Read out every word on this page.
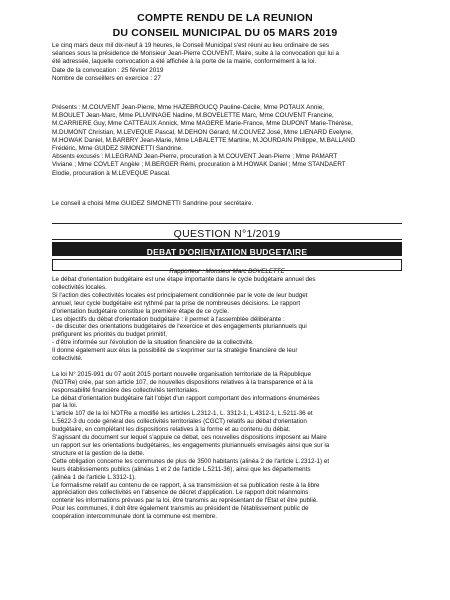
COMPTE RENDU DE LA REUNION
DU CONSEIL MUNICIPAL DU 05 MARS 2019

Le cinq mars deux mil dix-neuf à 19 heures, le Conseil Municipal s'est réuni au lieu ordinaire de ses

séances sous la présidence de Monsieur Jean-Pierre COUVENT, Maire, suite à la convocation qui lui a

été adressée, laquelle convocation a été affichée à la porte de la mairie, conformément à la loi.

Date de la convocation : 25 février 2019

Nombre de conseillers en exercice : 27

Présents : M.COUVENT Jean-Pierre, Mme HAZEBROUCQ Pauline-Cécile, Mme POTAUX Annie,

M.BOULET Jean-Marc, Mme PLUVINAGE Nadine, M.BOVELETTE Marc, Mme COUVENT Francine,

M.CARRIERE Guy, Mme CATTEAUX Annick, Mme MAGERE Marie-France, Mme DUPONT Marie-Thérèse,

M.DUMONT Christian, M.LEVEQUE Pascal, M.DEHON Gérard, M.COUVEZ José, Mme LIENARD Evelyne,

M.HOWAK Daniel, M.BARBRY Jean-Marie, Mme LABALETTE Martine, M.JOURDAIN Philippe, M.BALLAND

Frédéric, Mme GUIDEZ SIMONETTI Sandrine.

Absents excusés : M.LEGRAND Jean-Pierre, procuration à M.COUVENT Jean-Pierre ; Mme PAMART

Viviane ; Mme COVLET Angèle ; M.BERGER Rémi, procuration à M.HOWAK Daniel ; Mme STANDAERT

Elodie, procuration à M.LEVEQUE Pascal.

Le conseil a choisi Mme GUIDEZ SIMONETTI Sandrine pour secrétaire.

QUESTION N°1/2019
DEBAT D'ORIENTATION BUDGETAIRE
Rapporteur : Monsieur Marc BOVELETTE

Le débat d'orientation budgétaire est une étape importante dans le cycle budgétaire annuel des

collectivités locales.

Si l'action des collectivités locales est principalement conditionnée par le vote de leur budget

annuel, leur cycle budgétaire est rythmé par la prise de nombreuses décisions. Le rapport

d'orientation budgétaire constitue la première étape de ce cycle.

Les objectifs du débat d'orientation budgétaire : il permet à l'assemblée délibérante :

- de discuter des orientations budgétaires de l'exercice et des engagements pluriannuels qui

préfigurent les priorités du budget primitif,

- d'être informée sur l'évolution de la situation financière de la collectivité.

Il donne également aux élus la possibilité de s'exprimer sur la stratégie financière de leur

collectivité.

La loi N° 2015-991 du 07 août 2015 portant nouvelle organisation territoriale de la République

(NOTRe) crée, par son article 107, de nouvelles dispositions relatives à la transparence et à la

responsabilité financière des collectivités territoriales.

Le débat d'orientation budgétaire fait l'objet d'un rapport comportant des informations énumérées

par la loi.

L'article 107 de la loi NOTRe a modifié les articles L.2312-1, L. 3312-1, L.4312-1, L.5211-36 et

L.5622-3 du code général des collectivités territoriales (CGCT) relatifs au débat d'orientation

budgétaire, en complétant les dispositions relatives à la forme et au contenu du débat.

S'agissant du document sur lequel s'appuie ce débat, ces nouvelles dispositions imposent au Maire

un rapport sur les orientations budgétaires, les engagements pluriannuels envisagés ainsi que sur la

structure et la gestion de la dette.

Cette obligation concerne les communes de plus de 3500 habitants (alinéa 2 de l'article L.2312-1) et

leurs établissements publics (alinéas 1 et 2 de l'article L.5211-36), ainsi que les départements

(alinéa 1 de l'article L.3312-1).

Le formalisme relatif au contenu de ce rapport, à sa transmission et sa publication reste à la libre

appréciation des collectivités en l'absence de décret d'application. Le rapport doit néanmoins

contenir les informations prévues par la loi, être transmis au représentant de l'Etat et être publié.

Pour les communes, il doit être également transmis au président de l'établissement public de

coopération intercommunale dont la commune est membre.
